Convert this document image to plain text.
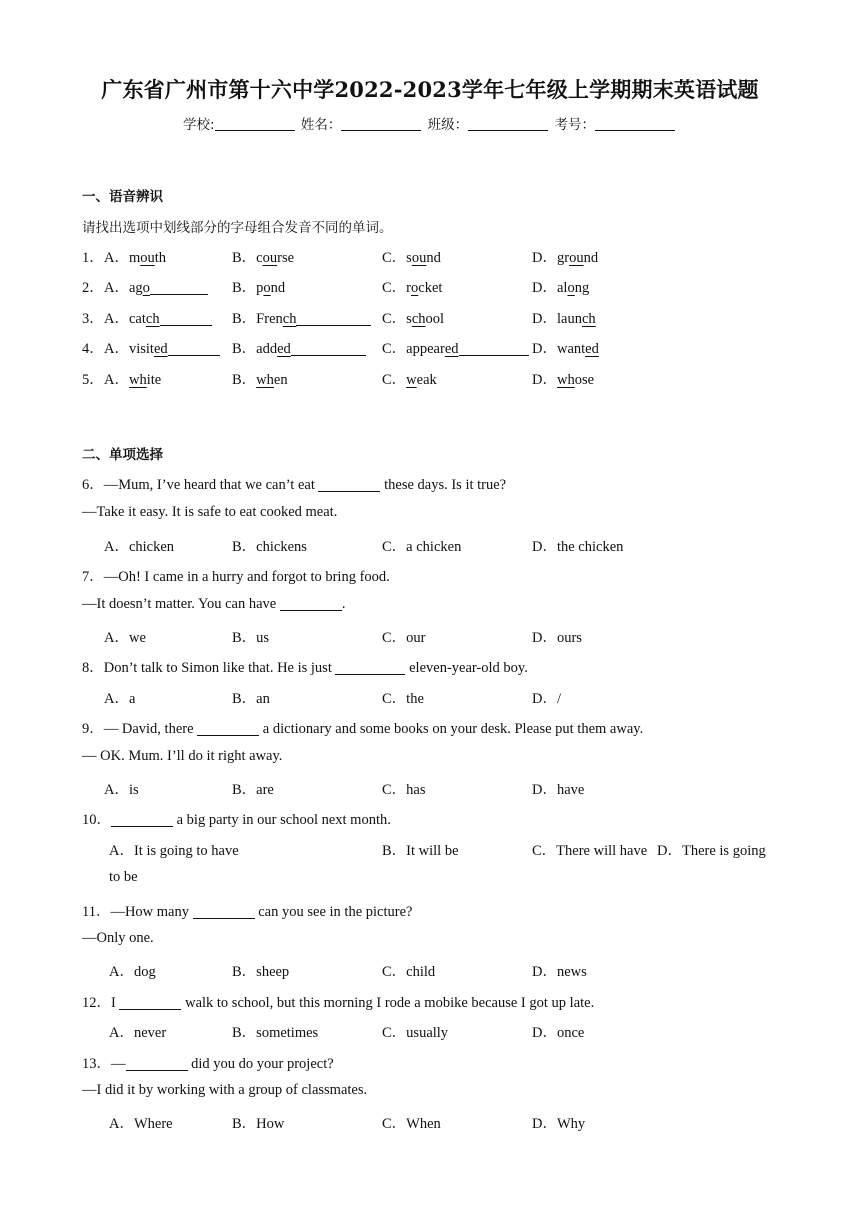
广东省广州市第十六中学2022-2023学年七年级上学期期末英语试题
学校:	姓名：	班级：	考号：
一、语音辨识
请找出选项中划线部分的字母组合发音不同的单词。
1． A．mouth	B．course	C．sound	D．ground
2． A．ago	B．pond	C．rocket	D．along
3． A．catch	B．French	C．school	D．launch
4． A．visited	B．added	C．appeared	D．wanted
5． A．white	B．when	C．weak	D．whose
二、单项选择
6．—Mum, I’ve heard that we can’t eat	these days. Is it true?
—Take it easy. It is safe to eat cooked meat.
A．chicken	B．chickens	C．a chicken	D．the chicken
7．—Oh! I came in a hurry and forgot to bring food.
—It doesn’t matter. You can have	.
A．we	B．us	C．our	D．ours
8．Don’t talk to Simon like that. He is just	eleven-year-old boy.
A．a	B．an	C．the	D．/
9．— David, there	a dictionary and some books on your desk. Please put them away.
— OK. Mum. I’ll do it right away.
A．is	B．are	C．has	D．have
10．	a big party in our school next month.
A．It is going to have	B．It will be	C．There will have D．There is going
to be
11．—How many	can you see in the picture?
—Only one.
A．dog	B．sheep	C．child	D．news
12．I	walk to school, but this morning I rode a mobike because I got up late.
A．never	B．sometimes	C．usually	D．once
13．—	did you do your project?
—I did it by working with a group of classmates.
A．Where	B．How	C．When	D．Why
